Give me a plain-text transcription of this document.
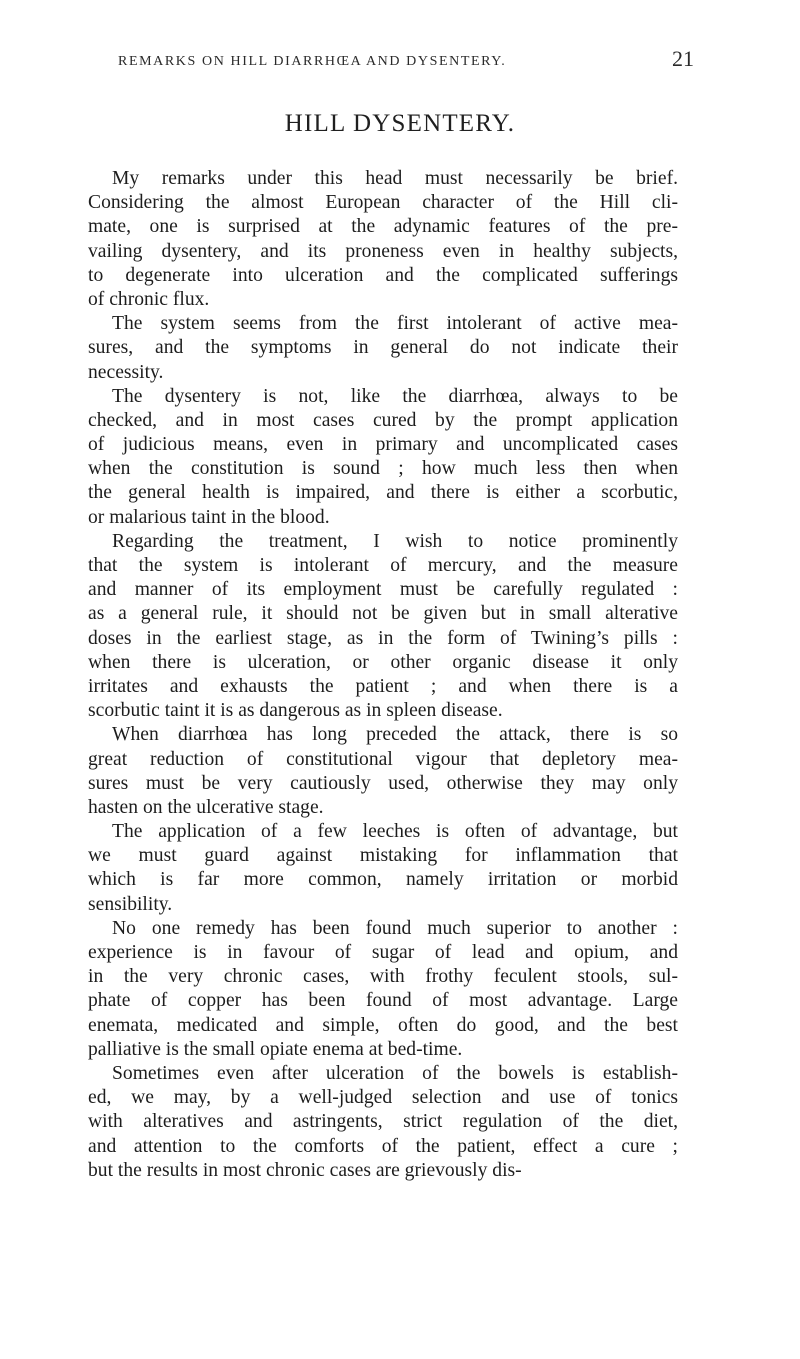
REMARKS ON HILL DIARRHŒA AND DYSENTERY.	21
HILL DYSENTERY.
My remarks under this head must necessarily be brief.
Considering the almost European character of the Hill cli-
mate, one is surprised at the adynamic features of the pre-
vailing dysentery, and its proneness even in healthy subjects,
to degenerate into ulceration and the complicated sufferings
of chronic flux.
The system seems from the first intolerant of active mea-
sures, and the symptoms in general do not indicate their
necessity.
The dysentery is not, like the diarrhœa, always to be
checked, and in most cases cured by the prompt application
of judicious means, even in primary and uncomplicated cases
when the constitution is sound ; how much less then when
the general health is impaired, and there is either a scorbutic,
or malarious taint in the blood.
Regarding the treatment, I wish to notice prominently
that the system is intolerant of mercury, and the measure
and manner of its employment must be carefully regulated :
as a general rule, it should not be given but in small alterative
doses in the earliest stage, as in the form of Twining’s pills :
when there is ulceration, or other organic disease it only
irritates and exhausts the patient ; and when there is a
scorbutic taint it is as dangerous as in spleen disease.
When diarrhœa has long preceded the attack, there is so
great reduction of constitutional vigour that depletory mea-
sures must be very cautiously used, otherwise they may only
hasten on the ulcerative stage.
The application of a few leeches is often of advantage, but
we must guard against mistaking for inflammation that
which is far more common, namely irritation or morbid
sensibility.
No one remedy has been found much superior to another :
experience is in favour of sugar of lead and opium, and
in the very chronic cases, with frothy feculent stools, sul-
phate of copper has been found of most advantage. Large
enemata, medicated and simple, often do good, and the best
palliative is the small opiate enema at bed-time.
Sometimes even after ulceration of the bowels is establish-
ed, we may, by a well-judged selection and use of tonics
with alteratives and astringents, strict regulation of the diet,
and attention to the comforts of the patient, effect a cure ;
but the results in most chronic cases are grievously dis-
